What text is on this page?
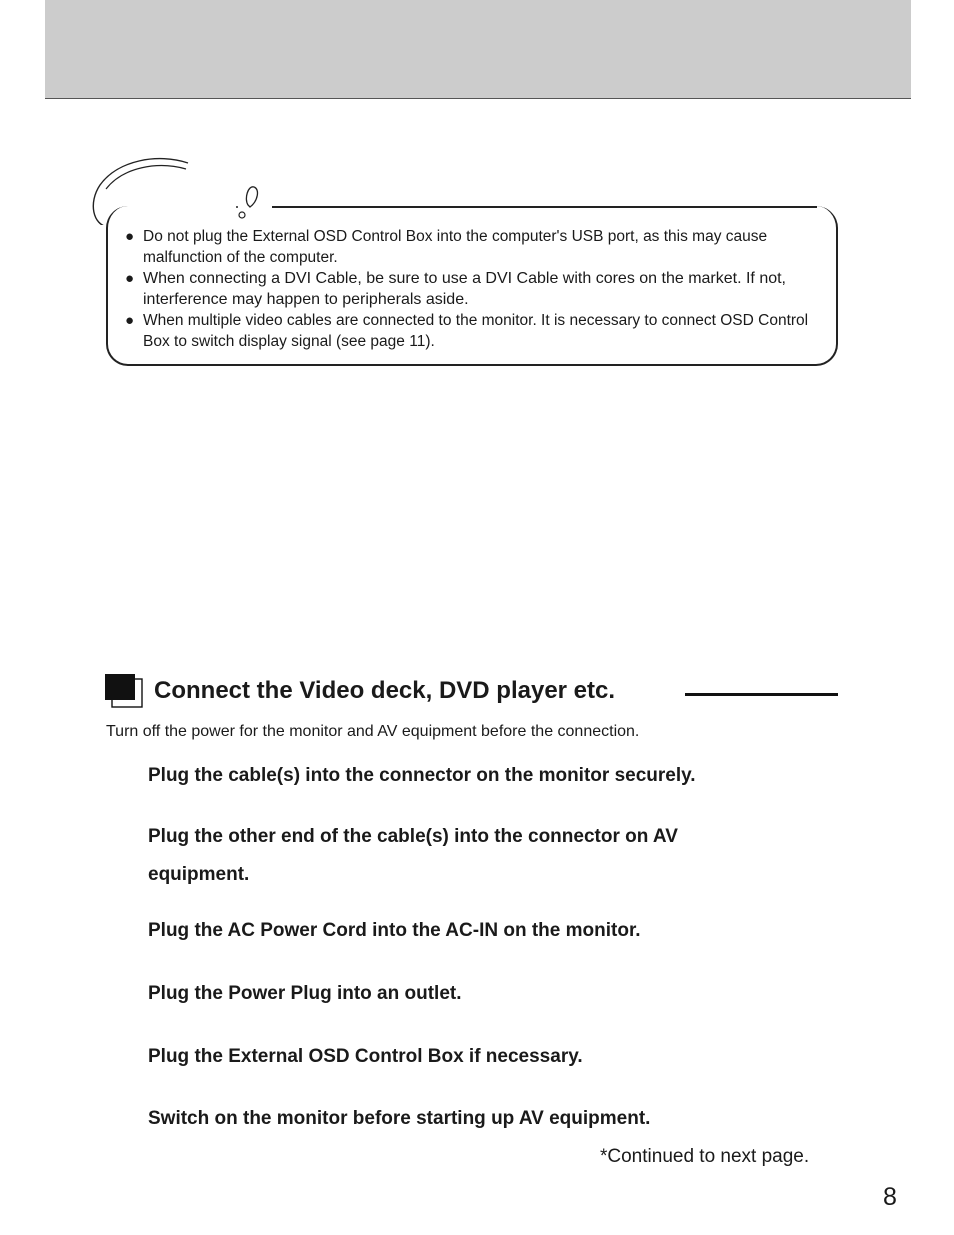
● Do not plug the External OSD Control Box into the computer's USB port, as this may cause malfunction of the computer.
● When connecting a DVI Cable, be sure to use a DVI Cable with cores on the market. If not, interference may happen to peripherals aside.
● When multiple video cables are connected to the monitor. It is necessary to connect OSD Control Box to switch display signal (see page 11).
Connect the Video deck, DVD player etc.

Turn off the power for the monitor and AV equipment before the connection.

Plug the cable(s) into the connector on the monitor securely.

Plug the other end of the cable(s) into the connector on AV

equipment.

Plug the AC Power Cord into the AC-IN on the monitor.

Plug the Power Plug into an outlet.

Plug the External OSD Control Box if necessary.

Switch on the monitor before starting up AV equipment.

*Continued to next page.

8
